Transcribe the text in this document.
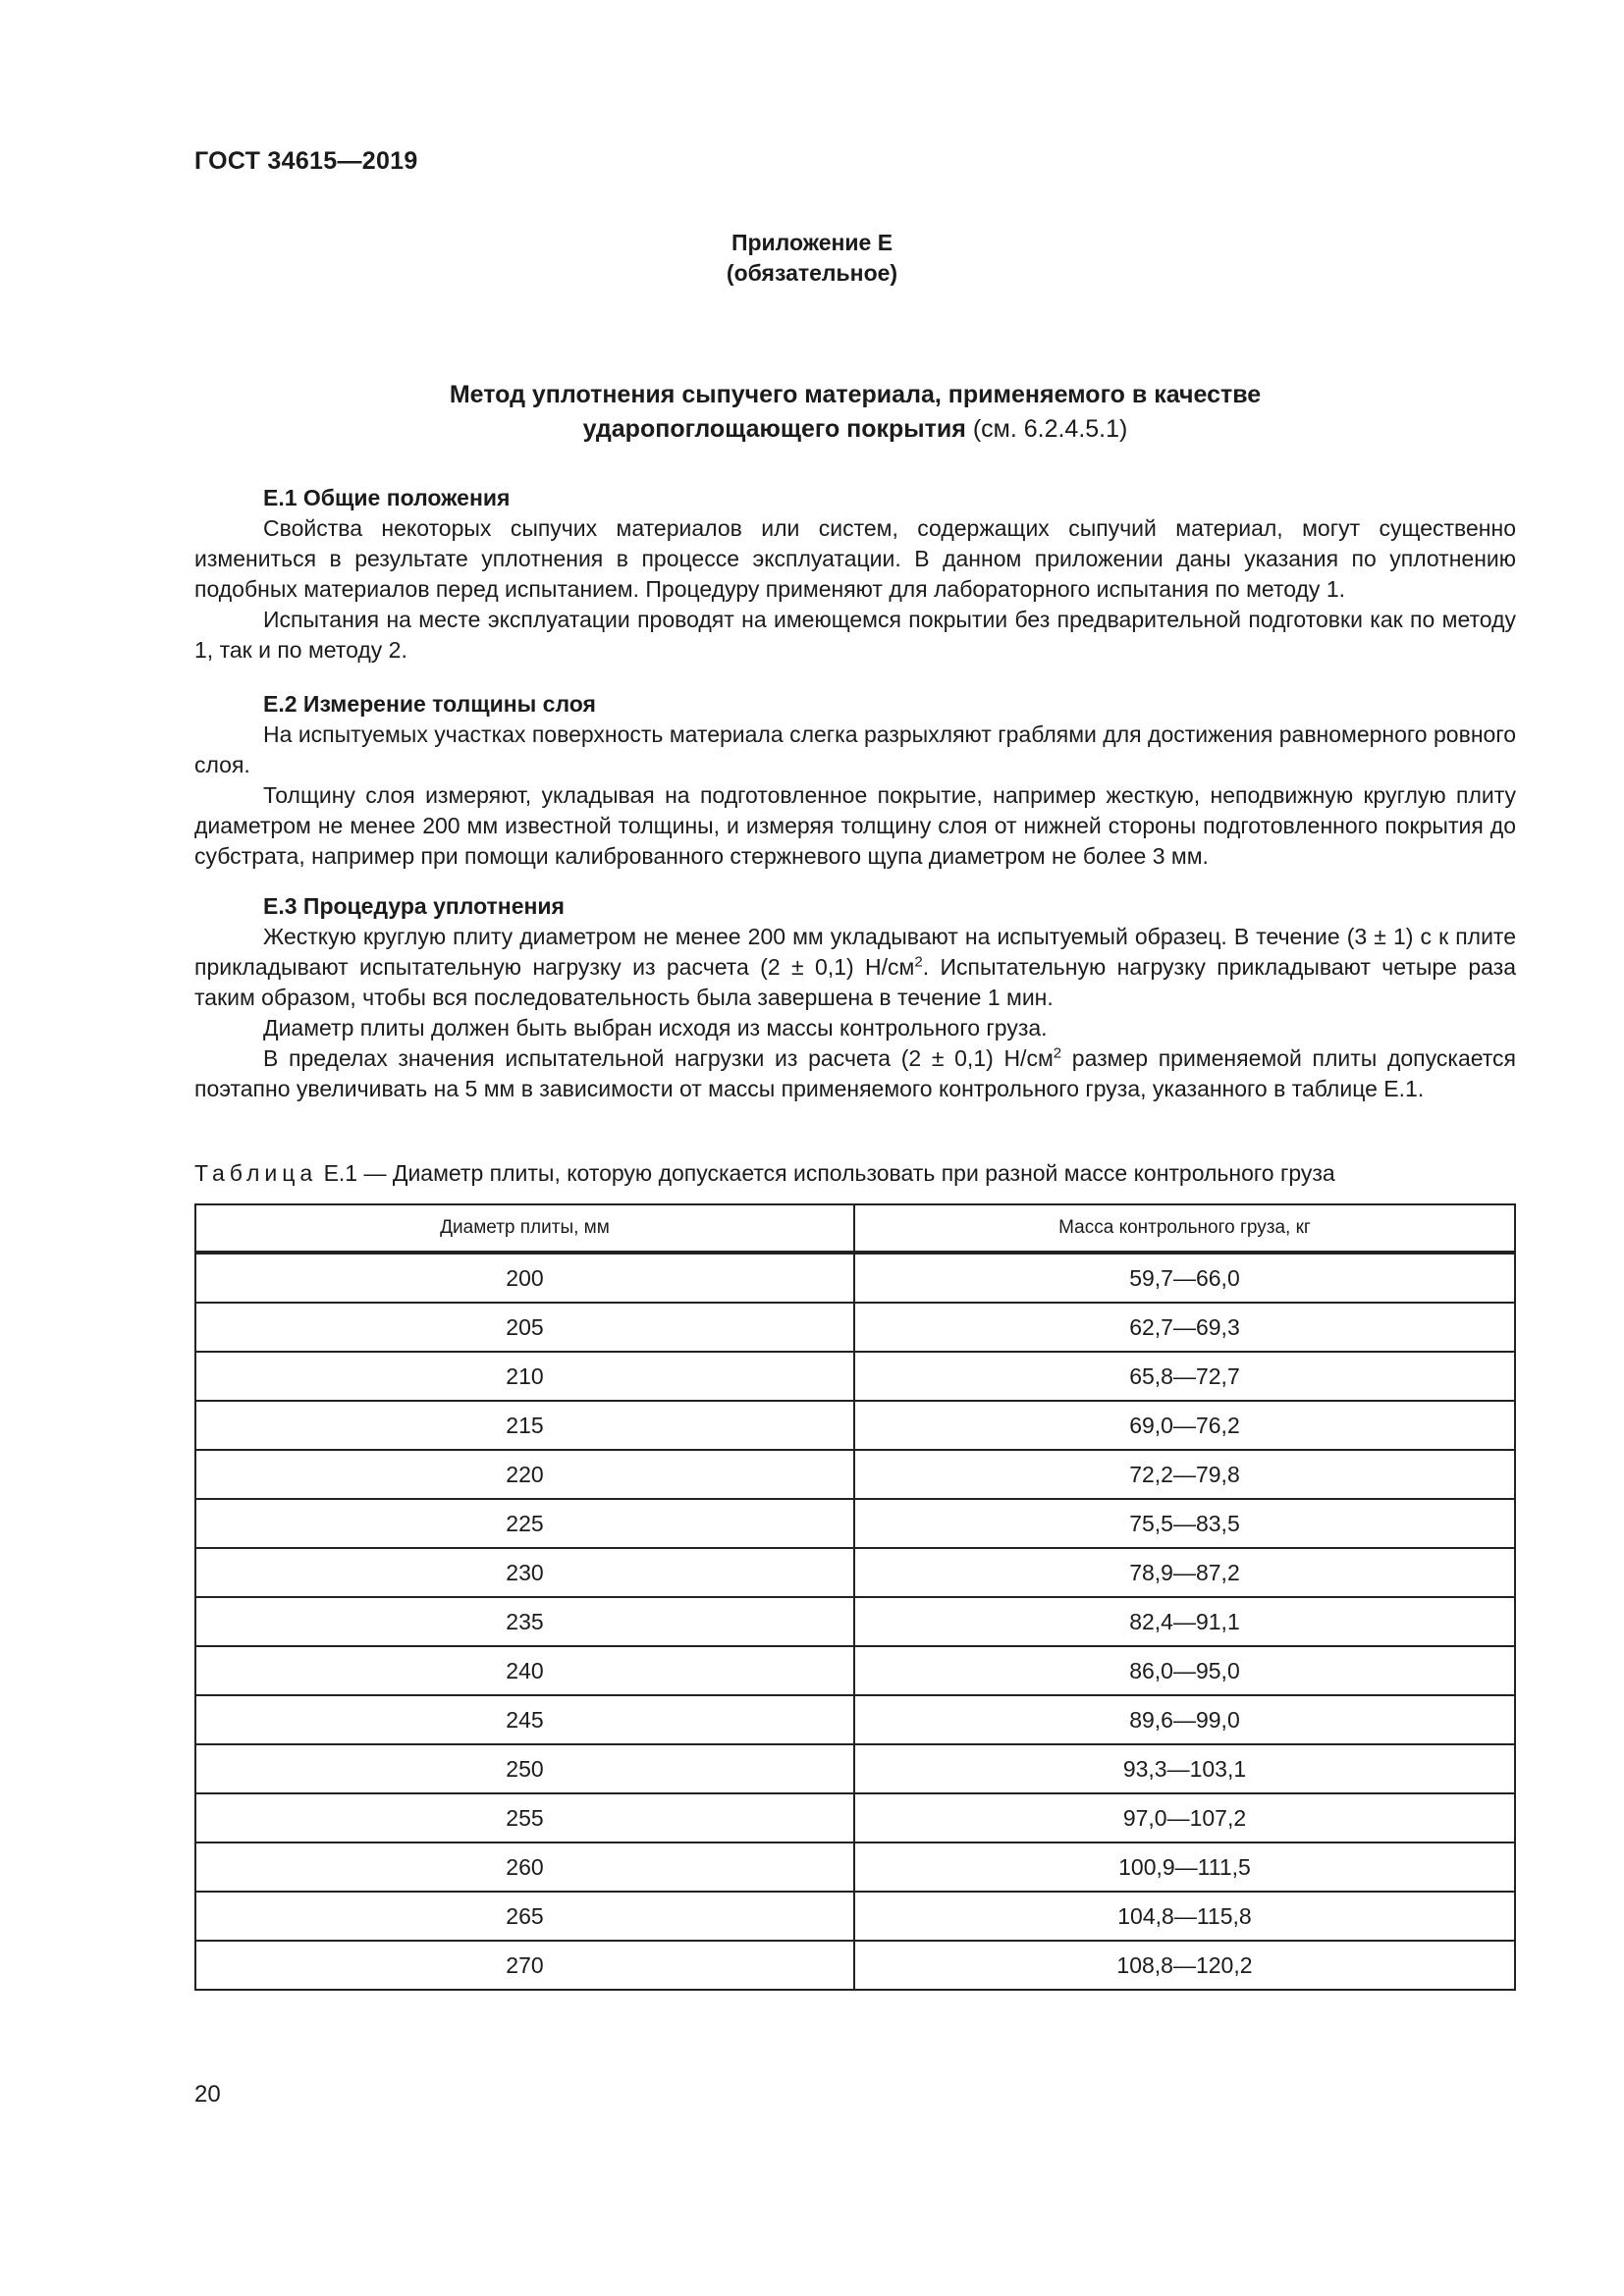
ГОСТ 34615—2019
Приложение Е
(обязательное)
Метод уплотнения сыпучего материала, применяемого в качестве
ударопоглощающего покрытия (см. 6.2.4.5.1)

Е.1 Общие положения

Свойства некоторых сыпучих материалов или систем, содержащих сыпучий материал, могут существенно измениться в результате уплотнения в процессе эксплуатации. В данном приложении даны указания по уплотнению подобных материалов перед испытанием. Процедуру применяют для лабораторного испытания по методу 1.

Испытания на месте эксплуатации проводят на имеющемся покрытии без предварительной подготовки как по методу 1, так и по методу 2.

Е.2 Измерение толщины слоя

На испытуемых участках поверхность материала слегка разрыхляют граблями для достижения равномерного ровного слоя.

Толщину слоя измеряют, укладывая на подготовленное покрытие, например жесткую, неподвижную круглую плиту диаметром не менее 200 мм известной толщины, и измеряя толщину слоя от нижней стороны подготовленного покрытия до субстрата, например при помощи калиброванного стержневого щупа диаметром не более 3 мм.

Е.3 Процедура уплотнения

Жесткую круглую плиту диаметром не менее 200 мм укладывают на испытуемый образец. В течение (3 ± 1) с к плите прикладывают испытательную нагрузку из расчета (2 ± 0,1) $Н/см^2$. Испытательную нагрузку прикладывают четыре раза таким образом, чтобы вся последовательность была завершена в течение 1 мин.

Диаметр плиты должен быть выбран исходя из массы контрольного груза.

В пределах значения испытательной нагрузки из расчета (2 ± 0,1) $Н/см^2$ размер применяемой плиты допускается поэтапно увеличивать на 5 мм в зависимости от массы применяемого контрольного груза, указанного в таблице Е.1.

Таблица Е.1 — Диаметр плиты, которую допускается использовать при разной массе контрольного груза
Диаметр плиты, мм	Масса контрольного груза, кг
200	59,7—66,0
205	62,7—69,3
210	65,8—72,7
215	69,0—76,2
220	72,2—79,8
225	75,5—83,5
230	78,9—87,2
235	82,4—91,1
240	86,0—95,0
245	89,6—99,0
250	93,3—103,1
255	97,0—107,2
260	100,9—111,5
265	104,8—115,8
270	108,8—120,2
20
